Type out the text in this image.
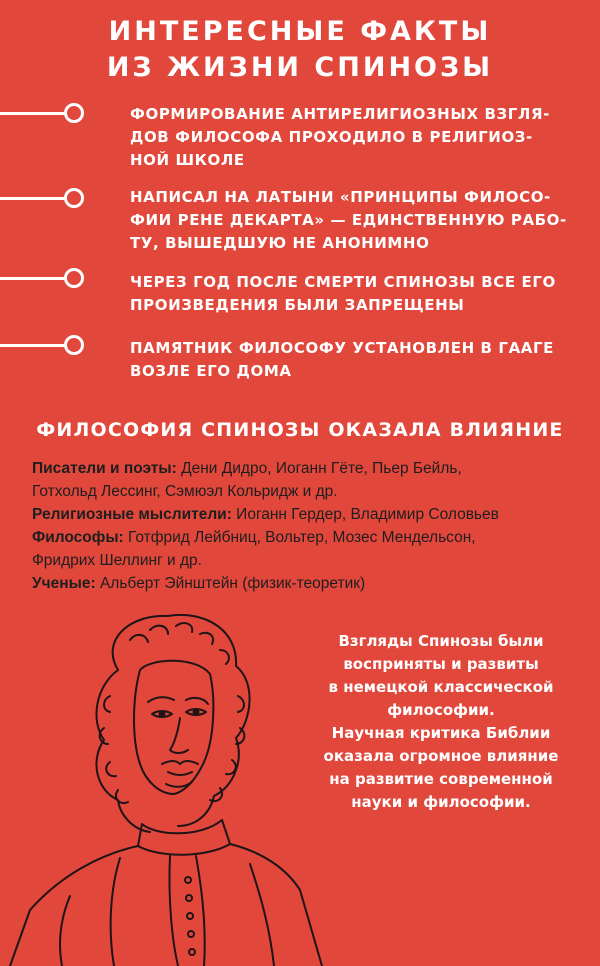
ИНТЕРЕСНЫЕ ФАКТЫ
ИЗ ЖИЗНИ СПИНОЗЫ
ФОРМИРОВАНИЕ АНТИРЕЛИГИОЗНЫХ ВЗГЛЯ-
ДОВ ФИЛОСОФА ПРОХОДИЛО В РЕЛИГИОЗ-
НОЙ ШКОЛЕ
НАПИСАЛ НА ЛАТЫНИ «ПРИНЦИПЫ ФИЛОСО-
ФИИ РЕНЕ ДЕКАРТА» — ЕДИНСТВЕННУЮ РАБО-
ТУ, ВЫШЕДШУЮ НЕ АНОНИМНО
ЧЕРЕЗ ГОД ПОСЛЕ СМЕРТИ СПИНОЗЫ ВСЕ ЕГО
ПРОИЗВЕДЕНИЯ БЫЛИ ЗАПРЕЩЕНЫ
ПАМЯТНИК ФИЛОСОФУ УСТАНОВЛЕН В ГААГЕ
ВОЗЛЕ ЕГО ДОМА
ФИЛОСОФИЯ СПИНОЗЫ ОКАЗАЛА ВЛИЯНИЕ
Писатели и поэты: Дени Дидро, Иоганн Гёте, Пьер Бейль,
Готхольд Лессинг, Сэмюэл Кольридж и др.
Религиозные мыслители: Иоганн Гердер, Владимир Соловьев
Философы: Готфрид Лейбниц, Вольтер, Мозес Мендельсон,
Фридрих Шеллинг и др.
Ученые: Альберт Эйнштейн (физик-теоретик)
Взгляды Спинозы были
восприняты и развиты
в немецкой классической
философии.
Научная критика Библии
оказала огромное влияние
на развитие современной
науки и философии.
